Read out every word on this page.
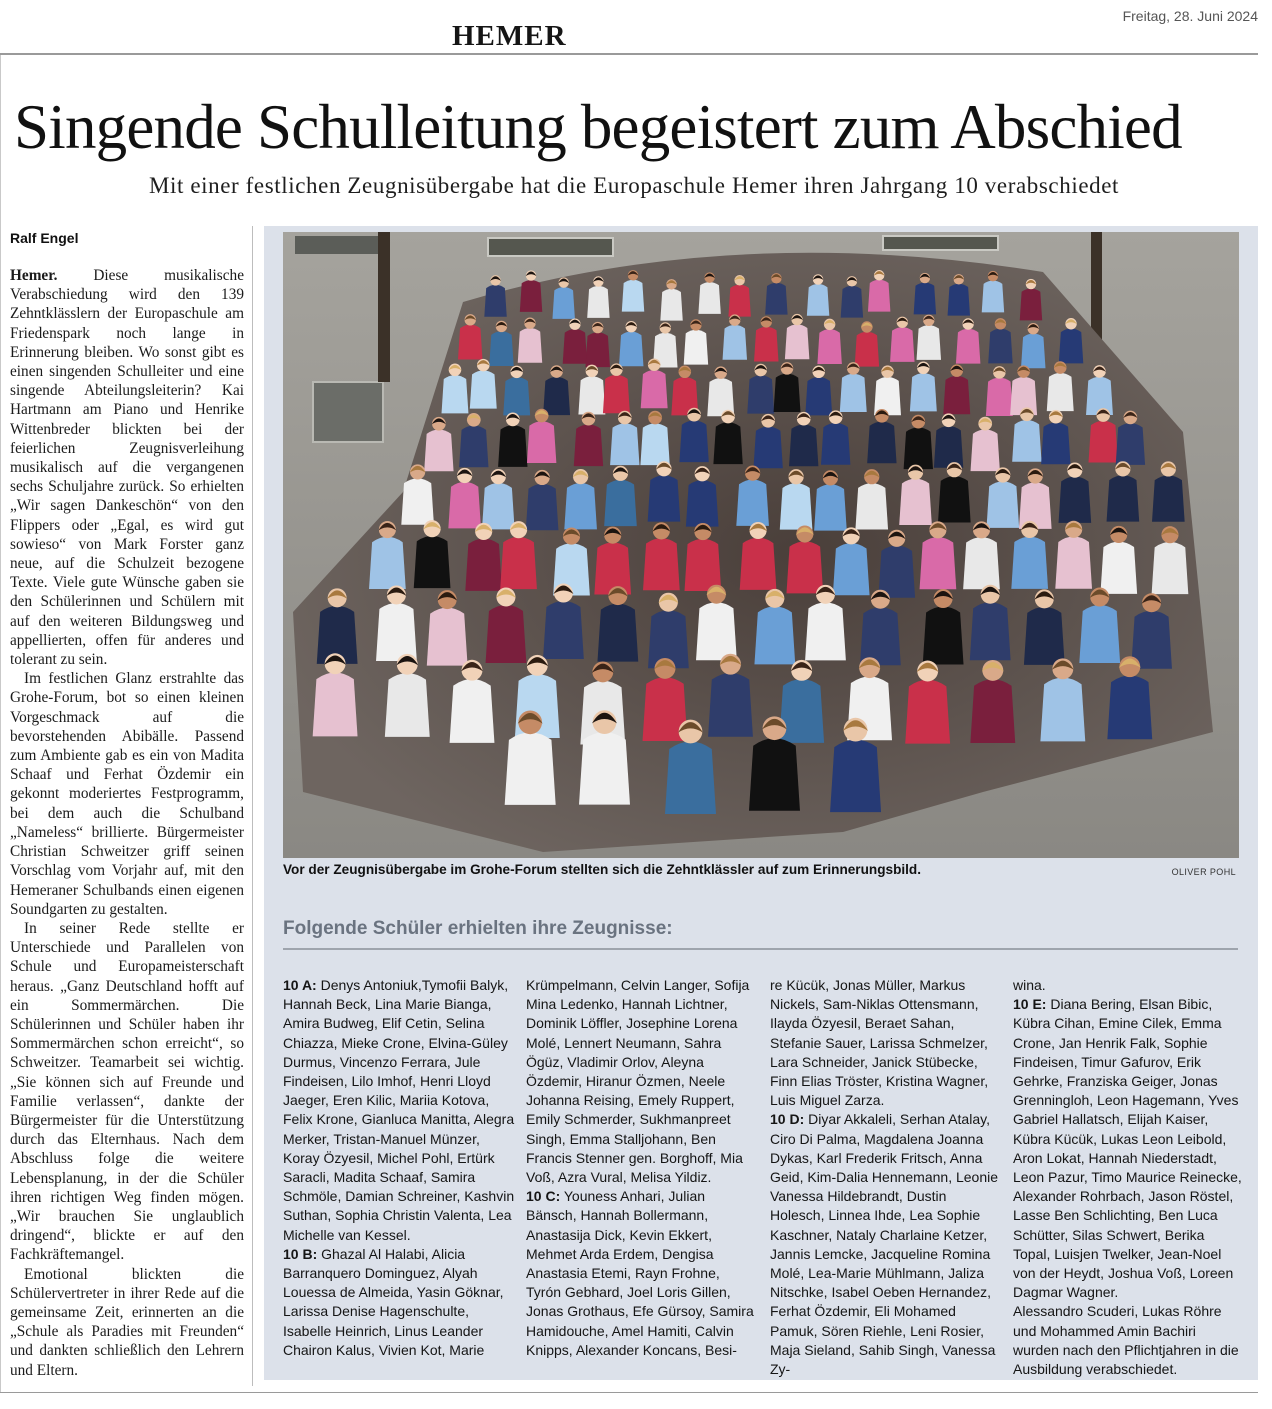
HEMER
Freitag, 28. Juni 2024
Singende Schulleitung begeistert zum Abschied
Mit einer festlichen Zeugnisübergabe hat die Europaschule Hemer ihren Jahrgang 10 verabschiedet
Ralf Engel

Hemer. Diese musikalische Verabschiedung wird den 139 Zehntklässlern der Europaschule am Friedenspark noch lange in Erinnerung bleiben. Wo sonst gibt es einen singenden Schulleiter und eine singende Abteilungsleiterin? Kai Hartmann am Piano und Henrike Wittenbreder blickten bei der feierlichen Zeugnisverleihung musikalisch auf die vergangenen sechs Schuljahre zurück. So erhielten „Wir sagen Dankeschön“ von den Flippers oder „Egal, es wird gut sowieso“ von Mark Forster ganz neue, auf die Schulzeit bezogene Texte. Viele gute Wünsche gaben sie den Schülerinnen und Schülern mit auf den weiteren Bildungsweg und appellierten, offen für anderes und tolerant zu sein.

Im festlichen Glanz erstrahlte das Grohe-Forum, bot so einen kleinen Vorgeschmack auf die bevorstehenden Abibälle. Passend zum Ambiente gab es ein von Madita Schaaf und Ferhat Özdemir ein gekonnt moderiertes Festprogramm, bei dem auch die Schulband „Nameless“ brillierte. Bürgermeister Christian Schweitzer griff seinen Vorschlag vom Vorjahr auf, mit den Hemeraner Schulbands einen eigenen Soundgarten zu gestalten.

In seiner Rede stellte er Unterschiede und Parallelen von Schule und Europameisterschaft heraus. „Ganz Deutschland hofft auf ein Sommermärchen. Die Schülerinnen und Schüler haben ihr Sommermärchen schon erreicht“, so Schweitzer. Teamarbeit sei wichtig. „Sie können sich auf Freunde und Familie verlassen“, dankte der Bürgermeister für die Unterstützung durch das Elternhaus. Nach dem Abschluss folge die weitere Lebensplanung, in der die Schüler ihren richtigen Weg finden mögen. „Wir brauchen Sie unglaublich dringend“, blickte er auf den Fachkräftemangel.

Emotional blickten die Schülervertreter in ihrer Rede auf die gemeinsame Zeit, erinnerten an die „Schule als Paradies mit Freunden“ und dankten schließlich den Lehrern und Eltern.

Vor der Zeugnisübergabe im Grohe-Forum stellten sich die Zehntklässler auf zum Erinnerungsbild.	OLIVER POHL
Folgende Schüler erhielten ihre Zeugnisse:
10 A: Denys Antoniuk,Tymofii Balyk, Hannah Beck, Lina Marie Bianga, Amira Budweg, Elif Cetin, Selina Chiazza, Mieke Crone, Elvina-Güley Durmus, Vincenzo Ferrara, Jule Findeisen, Lilo Imhof, Henri Lloyd Jaeger, Eren Kilic, Mariia Kotova, Felix Krone, Gianluca Manitta, Alegra Merker, Tristan-Manuel Münzer, Koray Özyesil, Michel Pohl, Ertürk Saracli, Madita Schaaf, Samira Schmöle, Damian Schreiner, Kashvin Suthan, Sophia Christin Valenta, Lea Michelle van Kessel.
10 B: Ghazal Al Halabi, Alicia Barranquero Dominguez, Alyah Louessa de Almeida, Yasin Göknar, Larissa Denise Hagenschulte, Isabelle Heinrich, Linus Leander Chairon Kalus, Vivien Kot, Marie
Krümpelmann, Celvin Langer, Sofija Mina Ledenko, Hannah Lichtner, Dominik Löffler, Josephine Lorena Molé, Lennert Neumann, Sahra Ögüz, Vladimir Orlov, Aleyna Özdemir, Hiranur Özmen, Neele Johanna Reising, Emely Ruppert, Emily Schmerder, Sukhmanpreet Singh, Emma Stalljohann, Ben Francis Stenner gen. Borghoff, Mia Voß, Azra Vural, Melisa Yildiz.
10 C: Youness Anhari, Julian Bänsch, Hannah Bollermann, Anastasija Dick, Kevin Ekkert, Mehmet Arda Erdem, Dengisa Anastasia Etemi, Rayn Frohne, Tyrón Gebhard, Joel Loris Gillen, Jonas Grothaus, Efe Gürsoy, Samira Hamidouche, Amel Hamiti, Calvin Knipps, Alexander Koncans, Besi-
re Kücük, Jonas Müller, Markus Nickels, Sam-Niklas Ottensmann, Ilayda Özyesil, Beraet Sahan, Stefanie Sauer, Larissa Schmelzer, Lara Schneider, Janick Stübecke, Finn Elias Tröster, Kristina Wagner, Luis Miguel Zarza.
10 D: Diyar Akkaleli, Serhan Atalay, Ciro Di Palma, Magdalena Joanna Dykas, Karl Frederik Fritsch, Anna Geid, Kim-Dalia Hennemann, Leonie Vanessa Hildebrandt, Dustin Holesch, Linnea Ihde, Lea Sophie Kaschner, Nataly Charlaine Ketzer, Jannis Lemcke, Jacqueline Romina Molé, Lea-Marie Mühlmann, Jaliza Nitschke, Isabel Oeben Hernandez, Ferhat Özdemir, Eli Mohamed Pamuk, Sören Riehle, Leni Rosier, Maja Sieland, Sahib Singh, Vanessa Zy-
wina.
10 E: Diana Bering, Elsan Bibic, Kübra Cihan, Emine Cilek, Emma Crone, Jan Henrik Falk, Sophie Findeisen, Timur Gafurov, Erik Gehrke, Franziska Geiger, Jonas Grenningloh, Leon Hagemann, Yves Gabriel Hallatsch, Elijah Kaiser, Kübra Kücük, Lukas Leon Leibold, Aron Lokat, Hannah Niederstadt, Leon Pazur, Timo Maurice Reinecke, Alexander Rohrbach, Jason Röstel, Lasse Ben Schlichting, Ben Luca Schütter, Silas Schwert, Berika Topal, Luisjen Twelker, Jean-Noel von der Heydt, Joshua Voß, Loreen Dagmar Wagner.
Alessandro Scuderi, Lukas Röhre und Mohammed Amin Bachiri wurden nach den Pflichtjahren in die Ausbildung verabschiedet.
